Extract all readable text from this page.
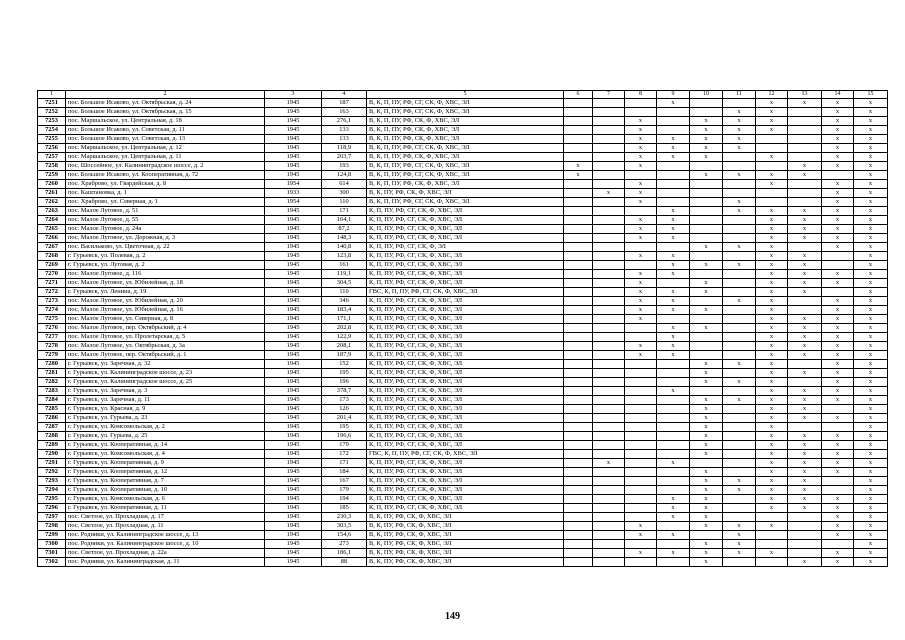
1	2	3	4	5	6	7	8	9	10	11	12	13	14	15
7251	пос. Большое Исаково, ул. Октябрьская, д. 24	1945	187	В, К, П, ПУ, РФ, СГ, СК, Ф, ХВС, ЭЛ				x			x	x	x	x
7252	пос. Большое Исаково, ул. Октябрьская, д. 15	1945	163	В, К, П, ПУ, РФ, СГ, СК, Ф, ХВС, ЭЛ						x	x		x	x
7253	пос. Маршальское, ул. Центральная, д. 18	1945	276,1	В, К, П, ПУ, РФ, СК, Ф, ХВС, ЭЛ			x		x	x	x		x	x
7254	пос. Большое Исаково, ул. Советская, д. 11	1945	133	В, К, П, ПУ, РФ, СК, Ф, ХВС, ЭЛ			x		x	x	x		x	x
7255	пос. Большое Исаково, ул. Советская, д. 13	1945	133	В, К, П, ПУ, РФ, СК, Ф, ХВС, ЭЛ			x	x	x	x			x	x
7256	пос. Маршальское, ул. Центральная, д. 12	1945	118,9	В, К, П, ПУ, РФ, СГ, СК, Ф, ХВС, ЭЛ			x	x	x	x			x	x
7257	пос. Маршальское, ул. Центральная, д. 11	1945	203,7	В, К, П, ПУ, РФ, СК, Ф, ХВС, ЭЛ			x	x	x		x		x	x
7258	пос. Шоссейное, ул. Калининградское шоссе, д. 2	1945	193	В, К, П, ПУ, РФ, СГ, СК, Ф, ХВС, ЭЛ	x		x					x	x	x
7259	пос. Большое Исаково, ул. Кооперативная, д. 72	1945	124,8	В, К, П, ПУ, РФ, СГ, СК, Ф, ХВС, ЭЛ	x				x	x	x	x		x
7260	пос. Храброво, ул. Гвардейская, д. 8	1954	614	В, К, П, ПУ, РФ, СК, Ф, ХВС, ЭЛ			x				x		x	x
7261	пос. Каштановка, д. 1	1933	300	В, К, ПУ, РФ, СК, Ф, ХВС, ЭЛ		x	x						x	x
7262	пос. Храброво, ул. Северная, д. 1	1954	110	В, К, П, ПУ, РФ, СГ, СК, Ф, ХВС, ЭЛ			x			x			x	x
7263	пос. Малое Луговое, д. 51	1945	171	К, П, ПУ, РФ, СГ, СК, Ф, ХВС, ЭЛ				x		x	x	x	x	x
7264	пос. Малое Луговое, д. 55	1945	164,1	К, П, ПУ, РФ, СГ, СК, Ф, ХВС, ЭЛ			x	x			x	x	x	x
7265	пос. Малое Луговое, д. 24а	1945	87,2	К, П, ПУ, РФ, СГ, СК, Ф, ХВС, ЭЛ			x	x			x	x	x	x
7266	пос. Малое Луговое, ул. Дорожная, д. 3	1945	148,3	К, П, ПУ, РФ, СГ, СК, Ф, ХВС, ЭЛ			x	x			x	x	x	x
7267	пос. Васильково, ул. Цветочная, д. 22	1945	140,8	К, П, ПУ, РФ, СГ, СК, Ф, ЭЛ					x	x	x		x	x
7268	г. Гурьевск, ул. Полевая, д. 2	1945	123,8	К, П, ПУ, РФ, СГ, СК, Ф, ХВС, ЭЛ			x	x			x	x		x
7269	г. Гурьевск, ул. Луговая, д. 2	1945	161	К, П, ПУ, РФ, СГ, СК, Ф, ХВС, ЭЛ				x	x	x	x	x		x
7270	пос. Малое Луговое, д. 116	1945	119,1	К, П, ПУ, РФ, СГ, СК, Ф, ХВС, ЭЛ			x	x			x	x	x	x
7271	пос. Малое Луговое, ул. Юбилейная, д. 18	1945	304,5	К, П, ПУ, РФ, СГ, СК, Ф, ХВС, ЭЛ			x		x		x	x	x	x
7272	г. Гурьевск, ул. Ленина, д. 19	1945	110	ГВС, К, П, ПУ, РФ, СГ, СК, Ф, ХВС, ЭЛ			x	x	x		x	x		x
7273	пос. Малое Луговое, ул. Юбилейная, д. 20	1945	346	К, П, ПУ, РФ, СГ, СК, Ф, ХВС, ЭЛ			x	x		x	x		x	x
7274	пос. Малое Луговое, ул. Юбилейная, д. 16	1945	183,4	К, П, ПУ, РФ, СГ, СК, Ф, ХВС, ЭЛ			x	x	x		x		x	x
7275	пос. Малое Луговое, ул. Северная, д. 8	1945	171,1	К, П, ПУ, РФ, СГ, СК, Ф, ХВС, ЭЛ			x				x	x	x	x
7276	пос. Малое Луговое, пер. Октябрьский, д. 4	1945	202,8	К, П, ПУ, РФ, СГ, СК, Ф, ХВС, ЭЛ				x	x		x	x	x	x
7277	пос. Малое Луговое, ул. Пролетарская, д. 5	1945	122,9	К, П, ПУ, РФ, СГ, СК, Ф, ХВС, ЭЛ				x			x	x	x	x
7278	пос. Малое Луговое, ул. Октябрьская, д. 3а	1945	208,1	К, П, ПУ, РФ, СГ, СК, Ф, ХВС, ЭЛ			x	x			x	x	x	x
7279	пос. Малое Луговое, пер. Октябрьский, д. 1	1945	187,9	К, П, ПУ, РФ, СГ, СК, Ф, ХВС, ЭЛ			x	x			x	x	x	x
7280	г. Гурьевск, ул. Заречная, д. 32	1945	152	К, П, ПУ, РФ, СГ, СК, Ф, ХВС, ЭЛ					x	x	x		x	x
7281	г. Гурьевск, ул. Калининградское шоссе, д. 23	1945	195	К, П, ПУ, РФ, СГ, СК, Ф, ХВС, ЭЛ					x		x	x	x	x
7282	г. Гурьевск, ул. Калининградское шоссе, д. 25	1945	196	К, П, ПУ, РФ, СГ, СК, Ф, ХВС, ЭЛ					x	x	x		x	x
7283	г. Гурьевск, ул. Заречная, д. 3	1945	378,7	К, П, ПУ, РФ, СГ, СК, Ф, ХВС, ЭЛ				x			x	x	x	x
7284	г. Гурьевск, ул. Заречная, д. 11	1945	173	К, П, ПУ, РФ, СГ, СК, Ф, ХВС, ЭЛ					x	x	x	x	x	x
7285	г. Гурьевск, ул. Красная, д. 9	1945	126	К, П, ПУ, РФ, СГ, СК, Ф, ХВС, ЭЛ					x		x	x		x
7286	г. Гурьевск, ул. Гурьева, д. 23	1945	201,4	К, П, ПУ, РФ, СГ, СК, Ф, ХВС, ЭЛ					x		x	x	x	x
7287	г. Гурьевск, ул. Комсомольская, д. 2	1945	195	К, П, ПУ, РФ, СГ, СК, Ф, ХВС, ЭЛ					x		x			x
7288	г. Гурьевск, ул. Гурьева, д. 25	1945	196,6	К, П, ПУ, РФ, СГ, СК, Ф, ХВС, ЭЛ					x		x	x	x	x
7289	г. Гурьевск, ул. Кооперативная, д. 14	1945	179	К, П, ПУ, РФ, СГ, СК, Ф, ХВС, ЭЛ					x		x	x	x	x
7290	г. Гурьевск, ул. Комсомольская, д. 4	1945	172	ГВС, К, П, ПУ, РФ, СГ, СК, Ф, ХВС, ЭЛ					x		x	x	x	x
7291	г. Гурьевск, ул. Кооперативная, д. 9	1945	171	К, П, ПУ, РФ, СГ, СК, Ф, ХВС, ЭЛ		x		x			x	x	x	x
7292	г. Гурьевск, ул. Кооперативная, д. 12	1945	184	К, П, ПУ, РФ, СГ, СК, Ф, ХВС, ЭЛ					x		x	x	x	x
7293	г. Гурьевск, ул. Кооперативная, д. 7	1945	167	К, П, ПУ, РФ, СГ, СК, Ф, ХВС, ЭЛ					x	x	x	x		x
7294	г. Гурьевск, ул. Кооперативная, д. 10	1945	179	К, П, ПУ, РФ, СГ, СК, Ф, ХВС, ЭЛ					x	x	x	x		x
7295	г. Гурьевск, ул. Комсомольская, д. 6	1945	194	К, П, ПУ, РФ, СГ, СК, Ф, ХВС, ЭЛ				x	x		x	x	x	x
7296	г. Гурьевск, ул. Кооперативная, д. 11	1945	185	К, П, ПУ, РФ, СГ, СК, Ф, ХВС, ЭЛ				x	x		x	x	x	x
7297	пос. Светлое, ул. Прохладная, д. 17	1945	230,3	В, К, ПУ, РФ, СК, Ф, ХВС, ЭЛ				x	x				x	x
7298	пос. Светлое, ул. Прохладная, д. 11	1945	303,5	В, К, ПУ, РФ, СК, Ф, ХВС, ЭЛ			x		x	x	x		x	x
7299	пос. Родники, ул. Калининградское шоссе, д. 13	1945	154,6	В, К, ПУ, РФ, СК, Ф, ХВС, ЭЛ			x	x		x			x	x
7300	пос. Родники, ул. Калининградское шоссе, д. 10	1945	273	В, К, ПУ, РФ, СК, Ф, ХВС, ЭЛ					x	x				x
7301	пос. Светлое, ул. Прохладная, д. 22а	1945	186,1	В, К, ПУ, РФ, СК, Ф, ХВС, ЭЛ			x	x	x	x	x		x	x
7302	пос. Родники, ул. Калининградская, д. 11	1945	88	В, К, ПУ, РФ, СК, Ф, ХВС, ЭЛ					x			x	x	x
149
